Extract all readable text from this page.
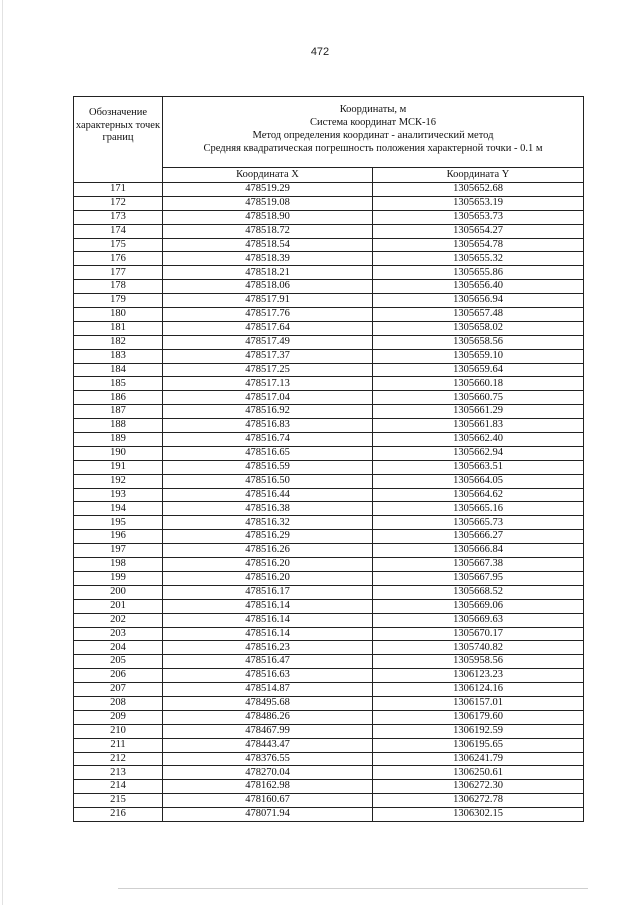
472
Обозначение характерных точек границ	Координаты, м
Система координат МСК-16
Метод определения координат - аналитический метод
Средняя квадратическая погрешность положения характерной точки - 0.1 м	

	Координата X	Координата Y
171	478519.29	1305652.68
172	478519.08	1305653.19
173	478518.90	1305653.73
174	478518.72	1305654.27
175	478518.54	1305654.78
176	478518.39	1305655.32
177	478518.21	1305655.86
178	478518.06	1305656.40
179	478517.91	1305656.94
180	478517.76	1305657.48
181	478517.64	1305658.02
182	478517.49	1305658.56
183	478517.37	1305659.10
184	478517.25	1305659.64
185	478517.13	1305660.18
186	478517.04	1305660.75
187	478516.92	1305661.29
188	478516.83	1305661.83
189	478516.74	1305662.40
190	478516.65	1305662.94
191	478516.59	1305663.51
192	478516.50	1305664.05
193	478516.44	1305664.62
194	478516.38	1305665.16
195	478516.32	1305665.73
196	478516.29	1305666.27
197	478516.26	1305666.84
198	478516.20	1305667.38
199	478516.20	1305667.95
200	478516.17	1305668.52
201	478516.14	1305669.06
202	478516.14	1305669.63
203	478516.14	1305670.17
204	478516.23	1305740.82
205	478516.47	1305958.56
206	478516.63	1306123.23
207	478514.87	1306124.16
208	478495.68	1306157.01
209	478486.26	1306179.60
210	478467.99	1306192.59
211	478443.47	1306195.65
212	478376.55	1306241.79
213	478270.04	1306250.61
214	478162.98	1306272.30
215	478160.67	1306272.78
216	478071.94	1306302.15
